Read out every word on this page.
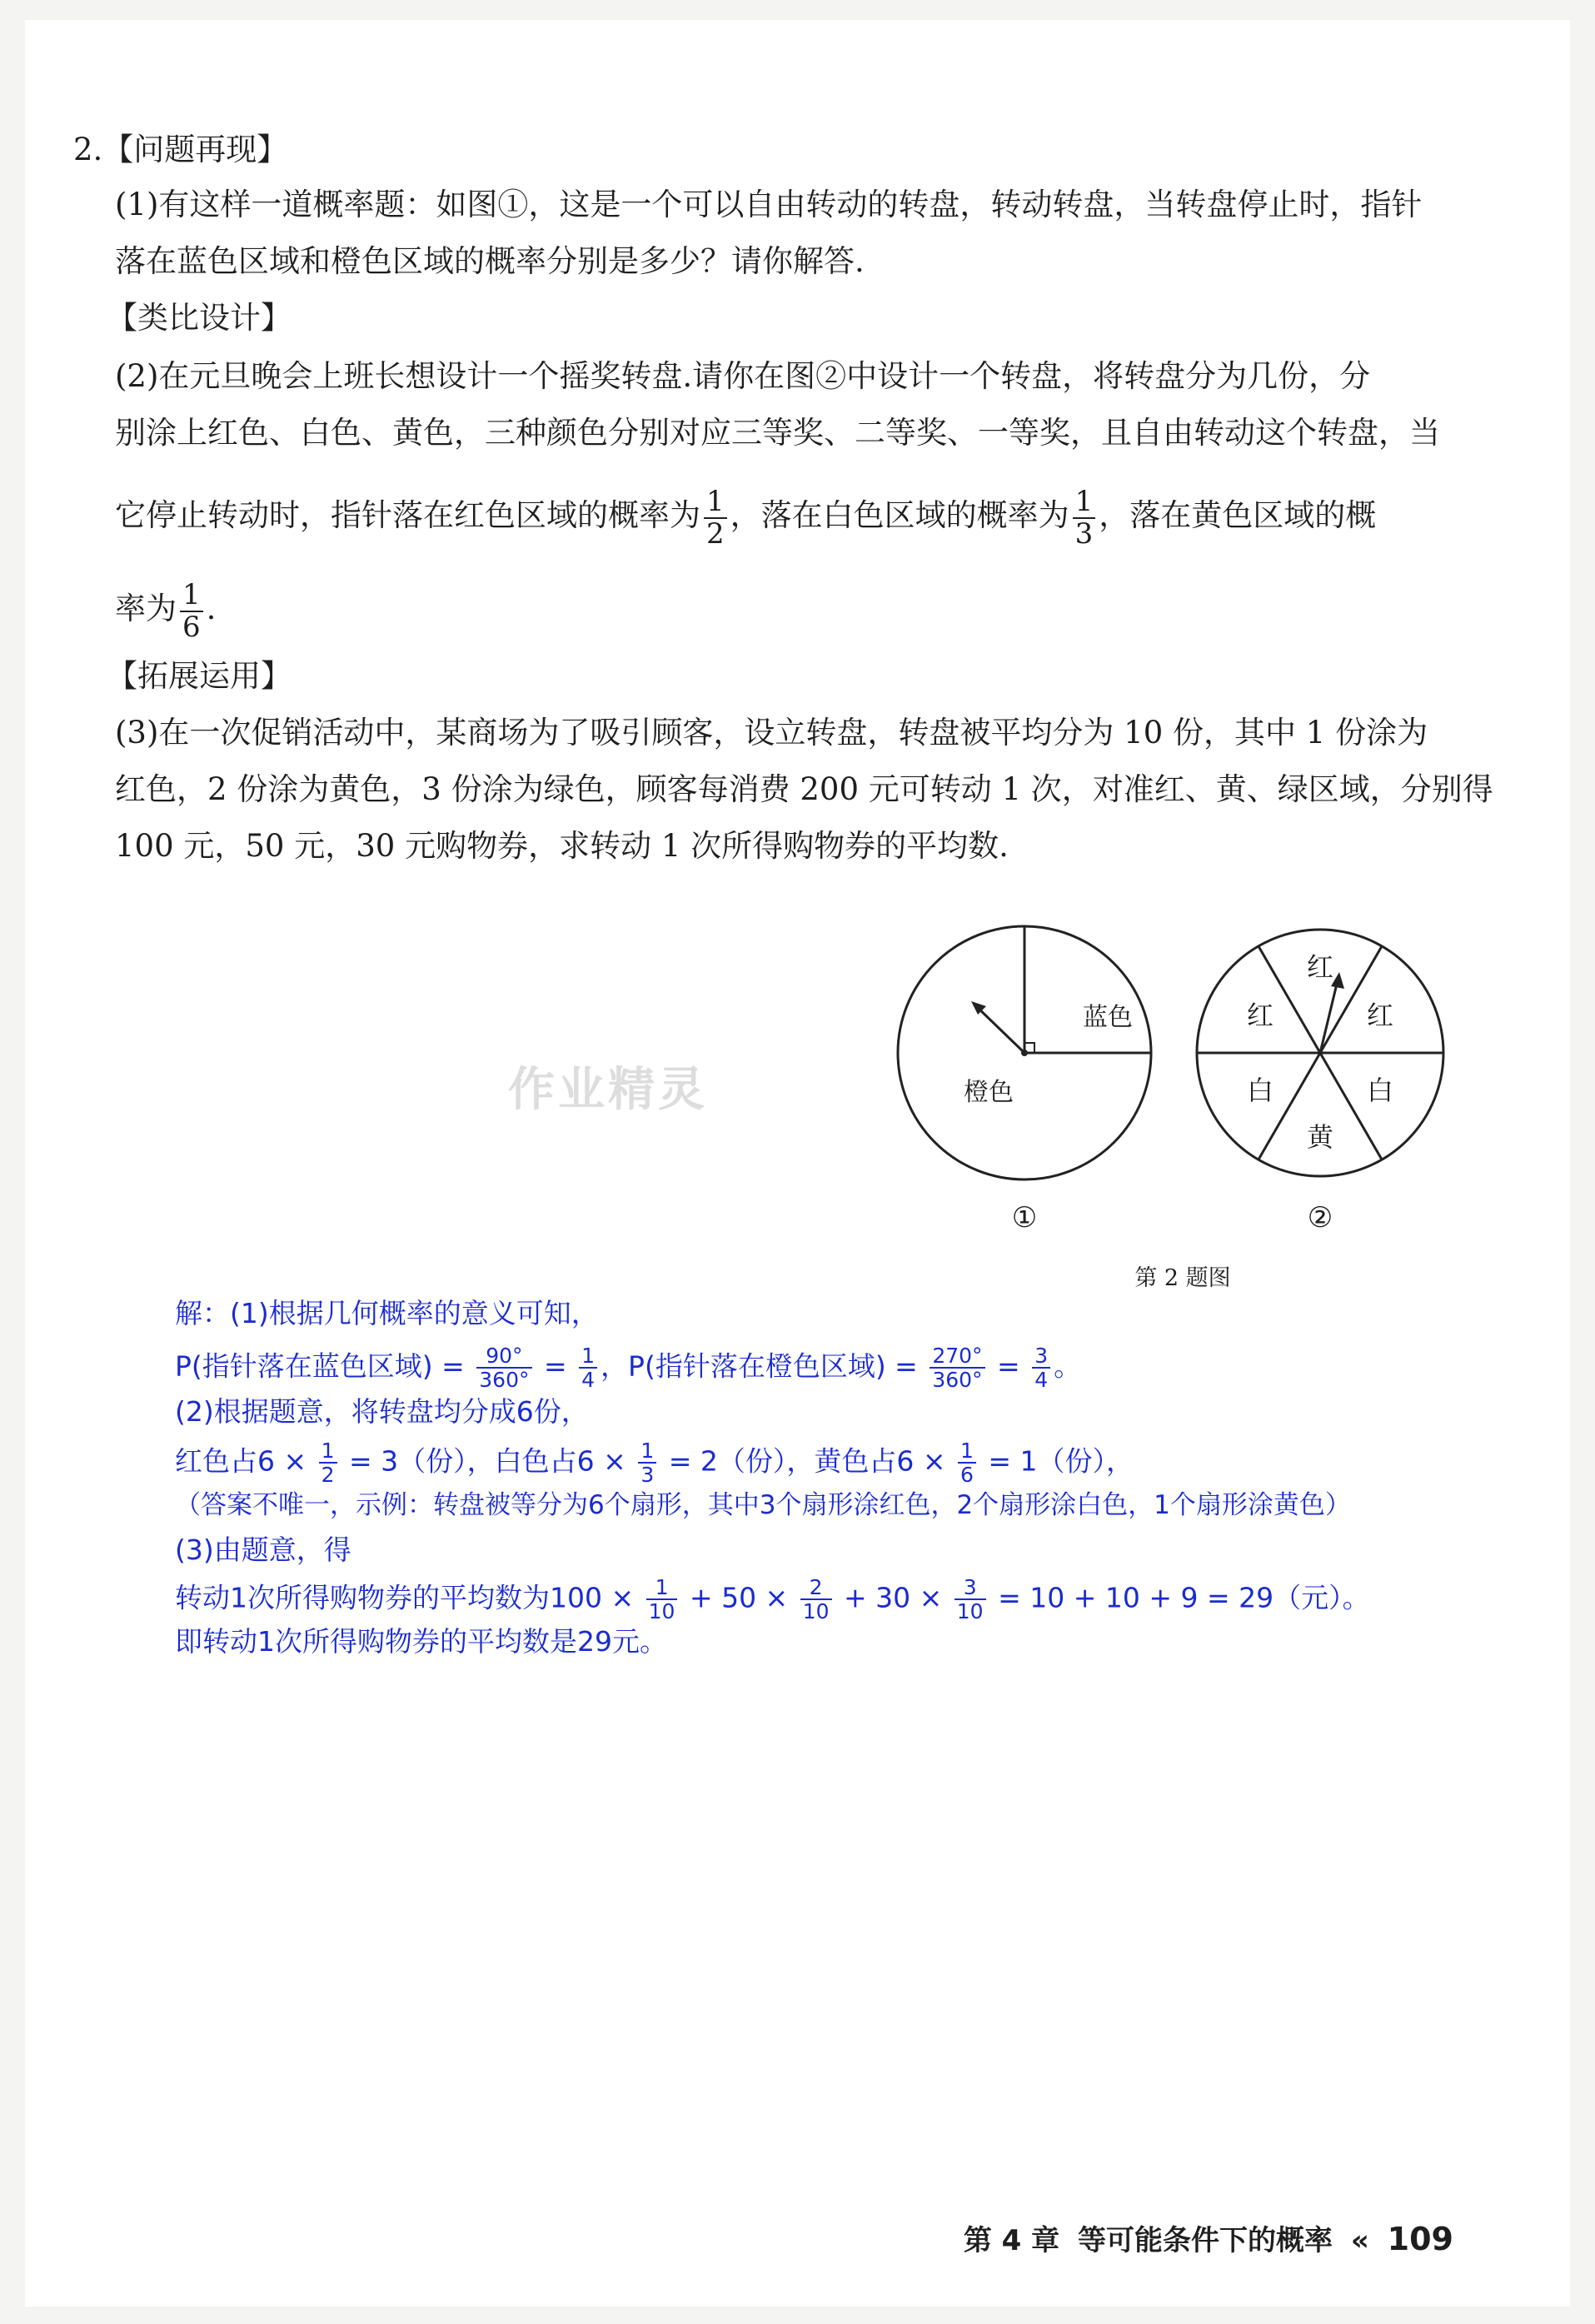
2.【问题再现】
(1)有这样一道概率题：如图①，这是一个可以自由转动的转盘，转动转盘，当转盘停止时，指针
落在蓝色区域和橙色区域的概率分别是多少？请你解答.
【类比设计】
(2)在元旦晚会上班长想设计一个摇奖转盘.请你在图②中设计一个转盘，将转盘分为几份，分
别涂上红色、白色、黄色，三种颜色分别对应三等奖、二等奖、一等奖，且自由转动这个转盘，当
它停止转动时，指针落在红色区域的概率为 $\frac{1}{2}$ ，落在白色区域的概率为 $\frac{1}{3}$ ，落在黄色区域的概
率为 $\frac{1}{6}$ .
【拓展运用】
(3)在一次促销活动中，某商场为了吸引顾客，设立转盘，转盘被平均分为 10 份，其中 1 份涂为
红色，2 份涂为黄色，3 份涂为绿色，顾客每消费 200 元可转动 1 次，对准红、黄、绿区域，分别得
100 元，50 元，30 元购物券，求转动 1 次所得购物券的平均数.
作业精灵
蓝色
橙色
①
红
红	红
白
黄
白
②
第 2 题图
解：(1)根据几何概率的意义可知，
P(指针落在蓝色区域) = $\frac{90^\circ}{360^\circ} = \frac{1}{4}$ ，P(指针落在橙色区域) = $\frac{270^\circ}{360^\circ} = \frac{3}{4}$ 。
(2)根据题意，将转盘均分成6份，
红色占$6 \times \frac{1}{2} = 3$（份），白色占$6 \times \frac{1}{3} = 2$（份），黄色占$6 \times \frac{1}{6} = 1$（份），
（答案不唯一，示例：转盘被等分为6个扇形，其中3个扇形涂红色，2个扇形涂白色，1个扇形涂黄色）
(3)由题意，得
转动1次所得购物券的平均数为$100 \times \frac{1}{10} + 50 \times \frac{2}{10} + 30 \times \frac{3}{10} = 10 + 10 + 9 = 29$（元）。
即转动1次所得购物券的平均数是29元。
第 4 章 等可能条件下的概率 « 109
